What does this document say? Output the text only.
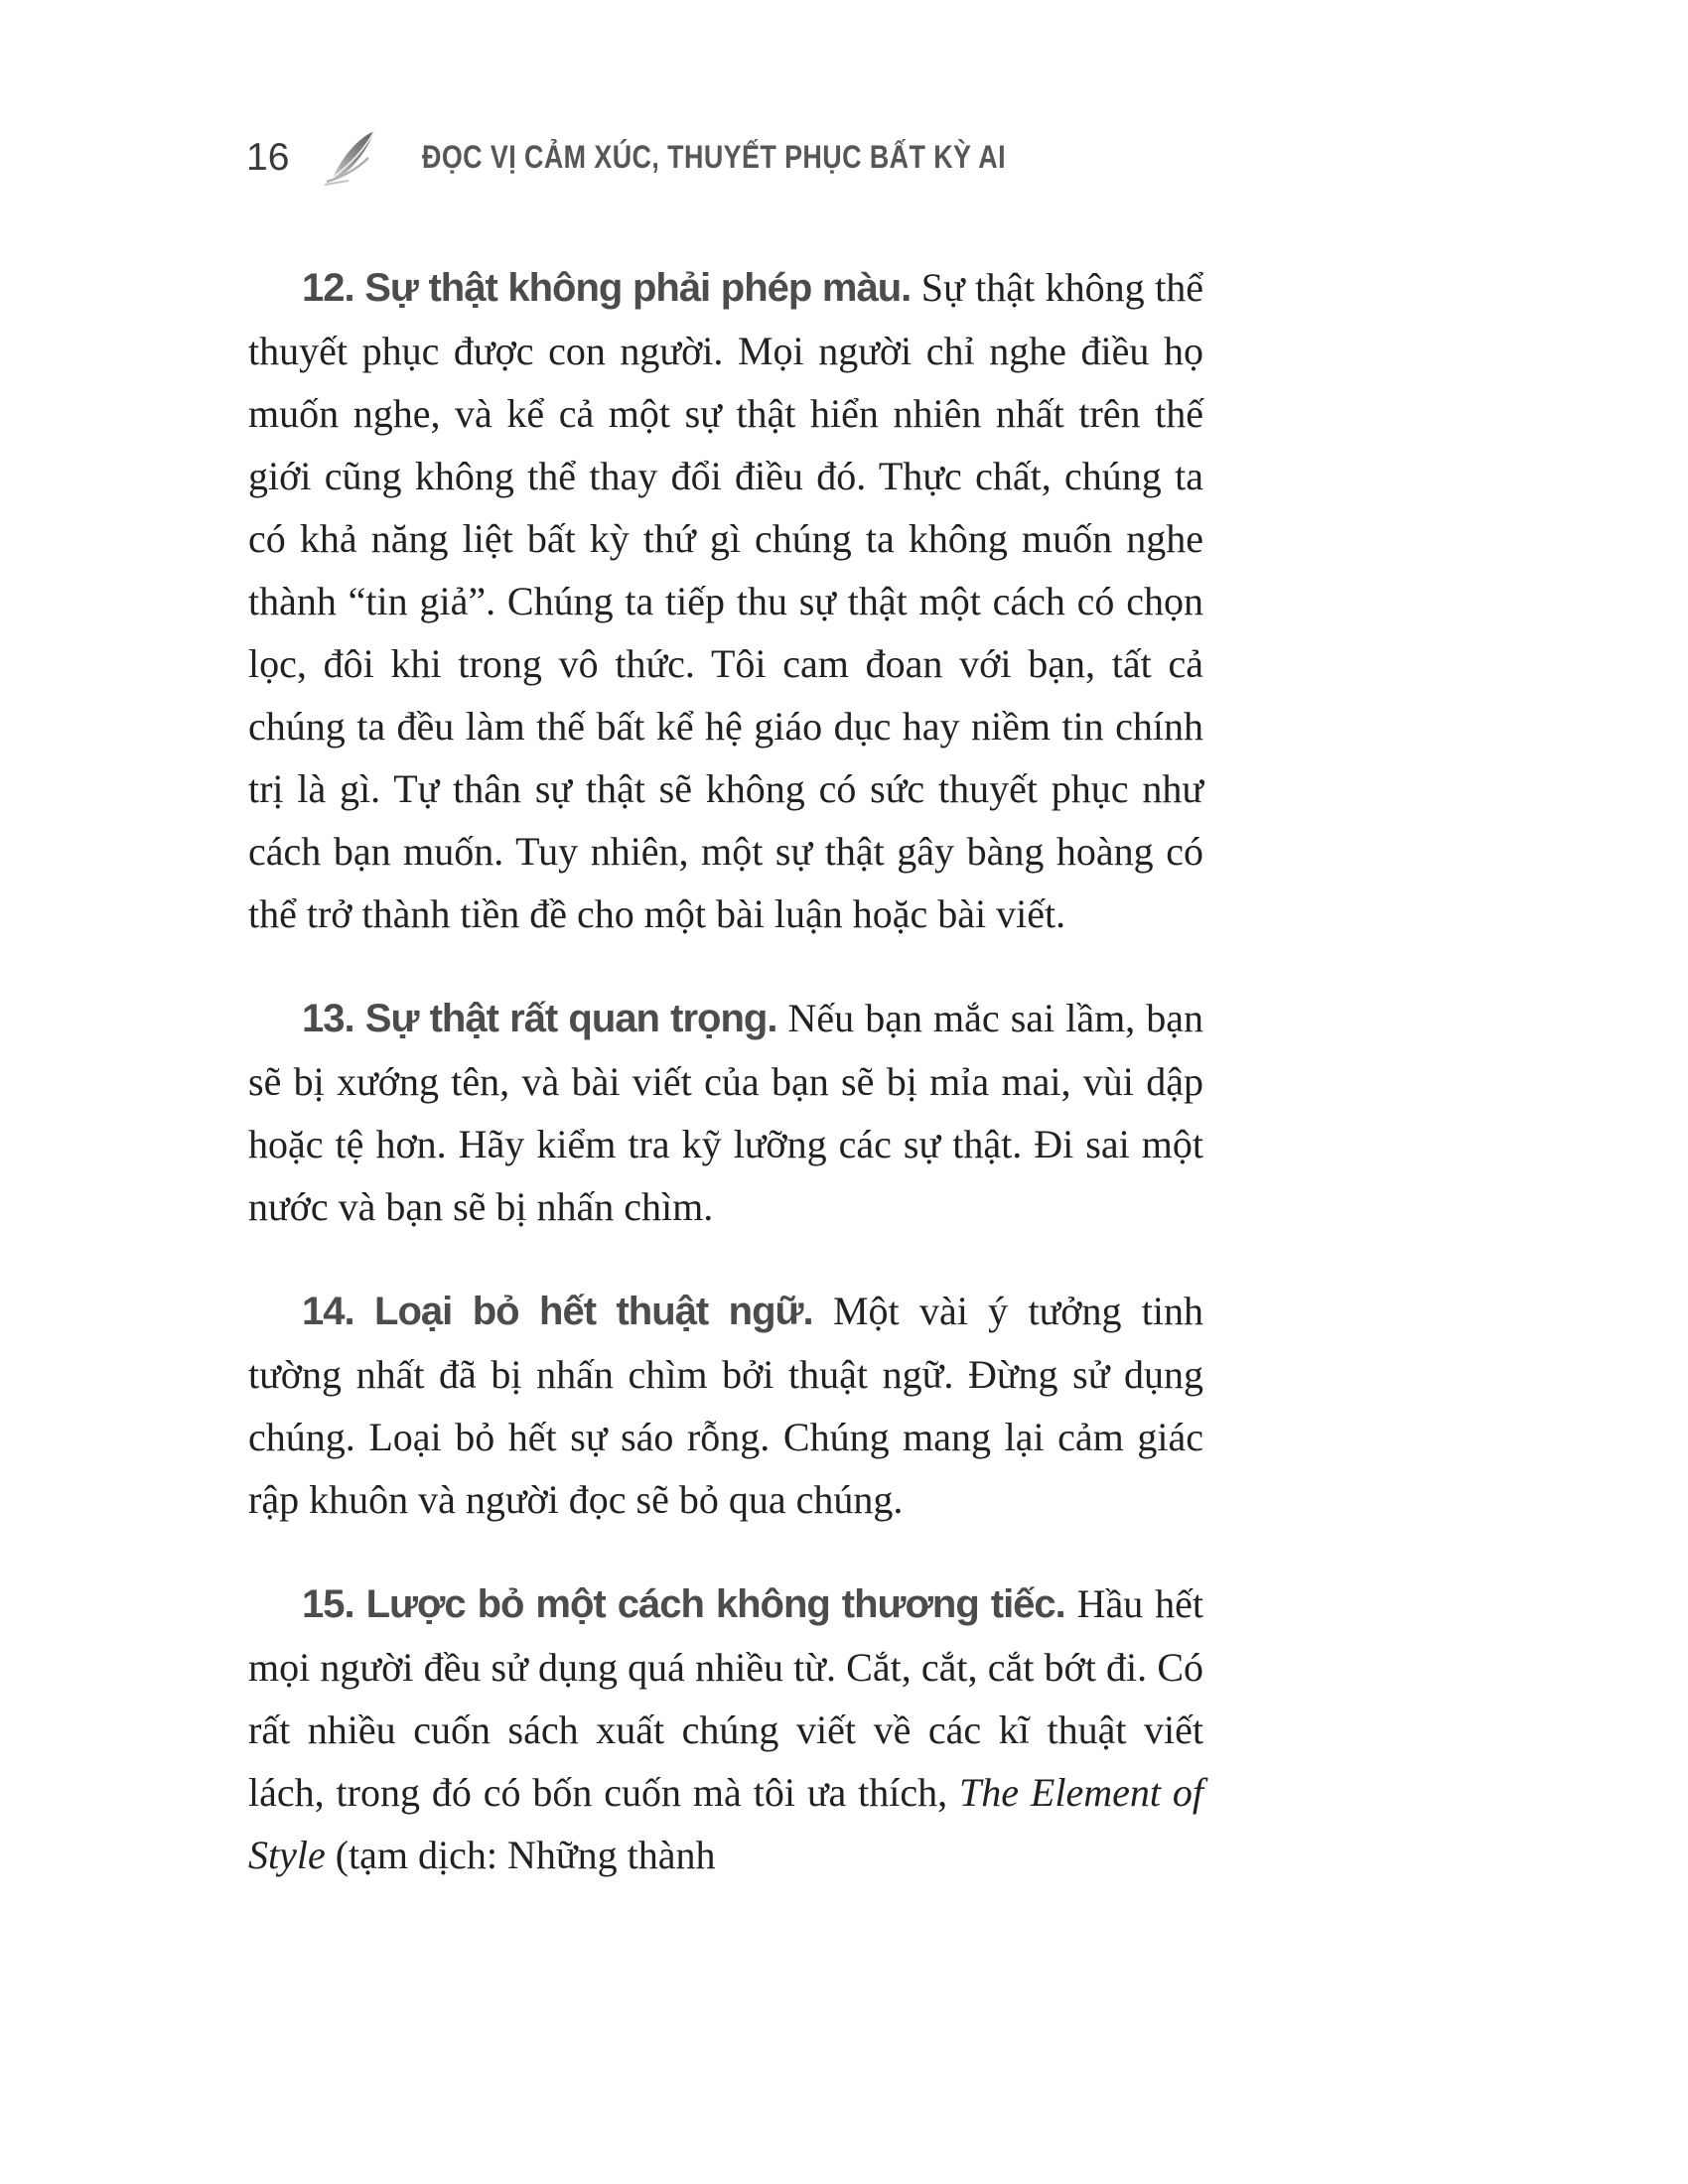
16	ĐỌC VỊ CẢM XÚC, THUYẾT PHỤC BẤT KỲ AI

12. Sự thật không phải phép màu. Sự thật không thể thuyết phục được con người. Mọi người chỉ nghe điều họ muốn nghe, và kể cả một sự thật hiển nhiên nhất trên thế giới cũng không thể thay đổi điều đó. Thực chất, chúng ta có khả năng liệt bất kỳ thứ gì chúng ta không muốn nghe thành “tin giả”. Chúng ta tiếp thu sự thật một cách có chọn lọc, đôi khi trong vô thức. Tôi cam đoan với bạn, tất cả chúng ta đều làm thế bất kể hệ giáo dục hay niềm tin chính trị là gì. Tự thân sự thật sẽ không có sức thuyết phục như cách bạn muốn. Tuy nhiên, một sự thật gây bàng hoàng có thể trở thành tiền đề cho một bài luận hoặc bài viết.

13. Sự thật rất quan trọng. Nếu bạn mắc sai lầm, bạn sẽ bị xướng tên, và bài viết của bạn sẽ bị mỉa mai, vùi dập hoặc tệ hơn. Hãy kiểm tra kỹ lưỡng các sự thật. Đi sai một nước và bạn sẽ bị nhấn chìm.

14. Loại bỏ hết thuật ngữ. Một vài ý tưởng tinh tường nhất đã bị nhấn chìm bởi thuật ngữ. Đừng sử dụng chúng. Loại bỏ hết sự sáo rỗng. Chúng mang lại cảm giác rập khuôn và người đọc sẽ bỏ qua chúng.

15. Lược bỏ một cách không thương tiếc. Hầu hết mọi người đều sử dụng quá nhiều từ. Cắt, cắt, cắt bớt đi. Có rất nhiều cuốn sách xuất chúng viết về các kĩ thuật viết lách, trong đó có bốn cuốn mà tôi ưa thích, The Element of Style (tạm dịch: Những thành
